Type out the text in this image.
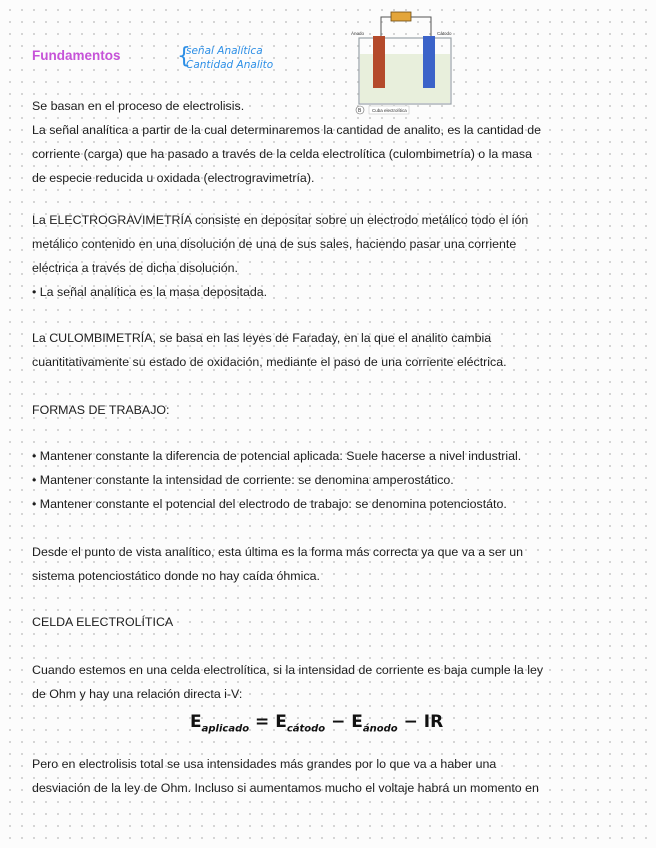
Fundamentos	{
señal Analítica
Cantidad Analito
Ánodo	Cátodo
B Cuba electrolítica
Se basan en el proceso de electrolisis.
La señal analítica a partir de la cual determinaremos la cantidad de analito, es la cantidad de
corriente (carga) que ha pasado a través de la celda electrolítica (culombimetría) o la masa
de especie reducida u oxidada (electrogravimetría).
La ELECTROGRAVIMETRÍA consiste en depositar sobre un electrodo metálico todo el ión
metálico contenido en una disolución de una de sus sales, haciendo pasar una corriente
eléctrica a través de dicha disolución.
• La señal analítica es la masa depositada.
La CULOMBIMETRÍA, se basa en las leyes de Faraday, en la que el analito cambia
cuantitativamente su estado de oxidación, mediante el paso de una corriente eléctrica.
FORMAS DE TRABAJO:
• Mantener constante la diferencia de potencial aplicada: Suele hacerse a nivel industrial.
• Mantener constante la intensidad de corriente: se denomina amperostático.
• Mantener constante el potencial del electrodo de trabajo: se denomina potenciostáto.
Desde el punto de vista analítico, esta última es la forma más correcta ya que va a ser un
sistema potenciostático donde no hay caída óhmica.
CELDA ELECTROLÍTICA
Cuando estemos en una celda electrolítica, si la intensidad de corriente es baja cumple la ley
de Ohm y hay una relación directa i-V:
$E_{aplicado} = E_{cátodo} - E_{ánodo}$ − IR
Pero en electrolisis total se usa intensidades más grandes por lo que va a haber una
desviación de la ley de Ohm. Incluso si aumentamos mucho el voltaje habrá un momento en
